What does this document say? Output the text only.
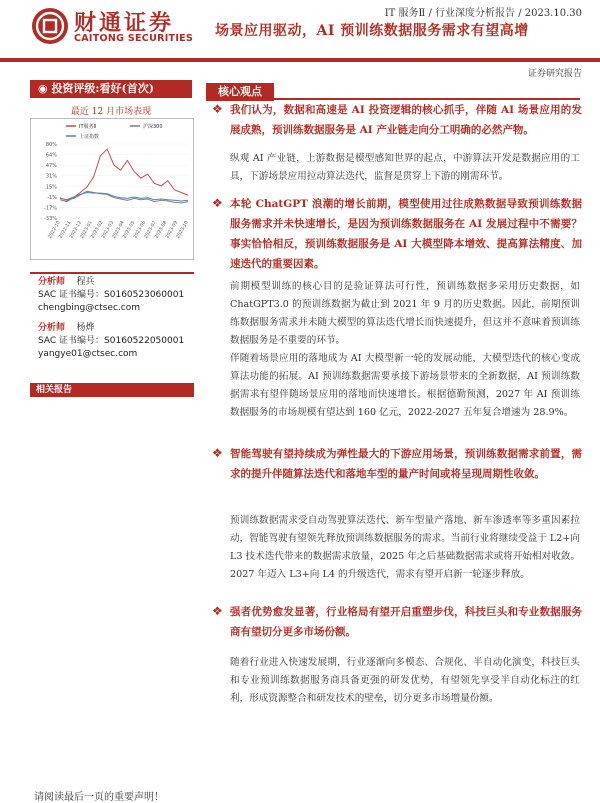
财通证券
CAITONG SECURITIES
IT 服务Ⅱ / 行业深度分析报告 / 2023.10.30
场景应用驱动，AI 预训练数据服务需求有望高增
证券研究报告
◉ 投资评级:看好(首次)
最近 12 月市场表现
80%
64%
47%
31%
15%
-1%
-17%
-33%
2022-10
2022-11
2022-12
2023-01
2023-02
2023-03
2023-04
2023-05
2023-06
2023-07
2023-08
2023-09
2023-10
IT服务Ⅱ	沪深300
上证指数
分析师 程兵
SAC 证书编号：S0160523060001
chengbing@ctsec.com
分析师 杨烨
SAC 证书编号：S0160522050001
yangye01@ctsec.com
相关报告
核心观点
❖ 我们认为，数据和高速是 AI 投资逻辑的核心抓手，伴随 AI 场景应用的发展成熟，预训练数据服务是 AI 产业链走向分工明确的必然产物。
纵观 AI 产业链，上游数据是模型感知世界的起点，中游算法开发是数据应用的工具，下游场景应用拉动算法迭代，监督是贯穿上下游的刚需环节。
❖ 本轮 ChatGPT 浪潮的增长前期，模型使用过往成熟数据导致预训练数据服务需求并未快速增长，是因为预训练数据服务在 AI 发展过程中不需要？事实恰恰相反，预训练数据服务是 AI 大模型降本增效、提高算法精度、加速迭代的重要因素。
前期模型训练的核心目的是验证算法可行性，预训练数据多采用历史数据，如 ChatGPT3.0 的预训练数据为截止到 2021 年 9 月的历史数据。因此，前期预训练数据服务需求并未随大模型的算法迭代增长而快速提升，但这并不意味着预训练数据服务是不重要的环节。
伴随着场景应用的落地成为 AI 大模型新一轮的发展动能，大模型迭代的核心变成算法功能的拓展。AI 预训练数据需要承接下游场景带来的全新数据，AI 预训练数据需求有望伴随场景应用的落地而快速增长。根据德勤预测，2027 年 AI 预训练数据服务的市场规模有望达到 160 亿元，2022-2027 五年复合增速为 28.9%。
❖ 智能驾驶有望持续成为弹性最大的下游应用场景，预训练数据需求前置，需求的提升伴随算法迭代和落地车型的量产时间或将呈现周期性收敛。
预训练数据需求受自动驾驶算法迭代、新车型量产落地、新车渗透率等多重因素拉动，智能驾驶有望领先释放预训练数据服务的需求。当前行业将继续受益于 L2+向 L3 技术迭代带来的数据需求放量，2025 年之后基础数据需求或将开始相对收敛。2027 年迈入 L3+向 L4 的升级迭代，需求有望开启新一轮逐步释放。
❖ 强者优势愈发显著，行业格局有望开启重塑步伐，科技巨头和专业数据服务商有望切分更多市场份额。
随着行业进入快速发展期，行业逐渐向多模态、合规化、半自动化演变，科技巨头和专业预训练数据服务商具备更强的研发优势，有望领先享受半自动化标注的红利，形成资源整合和研发技术的壁垒，切分更多市场增量份额。
请阅读最后一页的重要声明！
